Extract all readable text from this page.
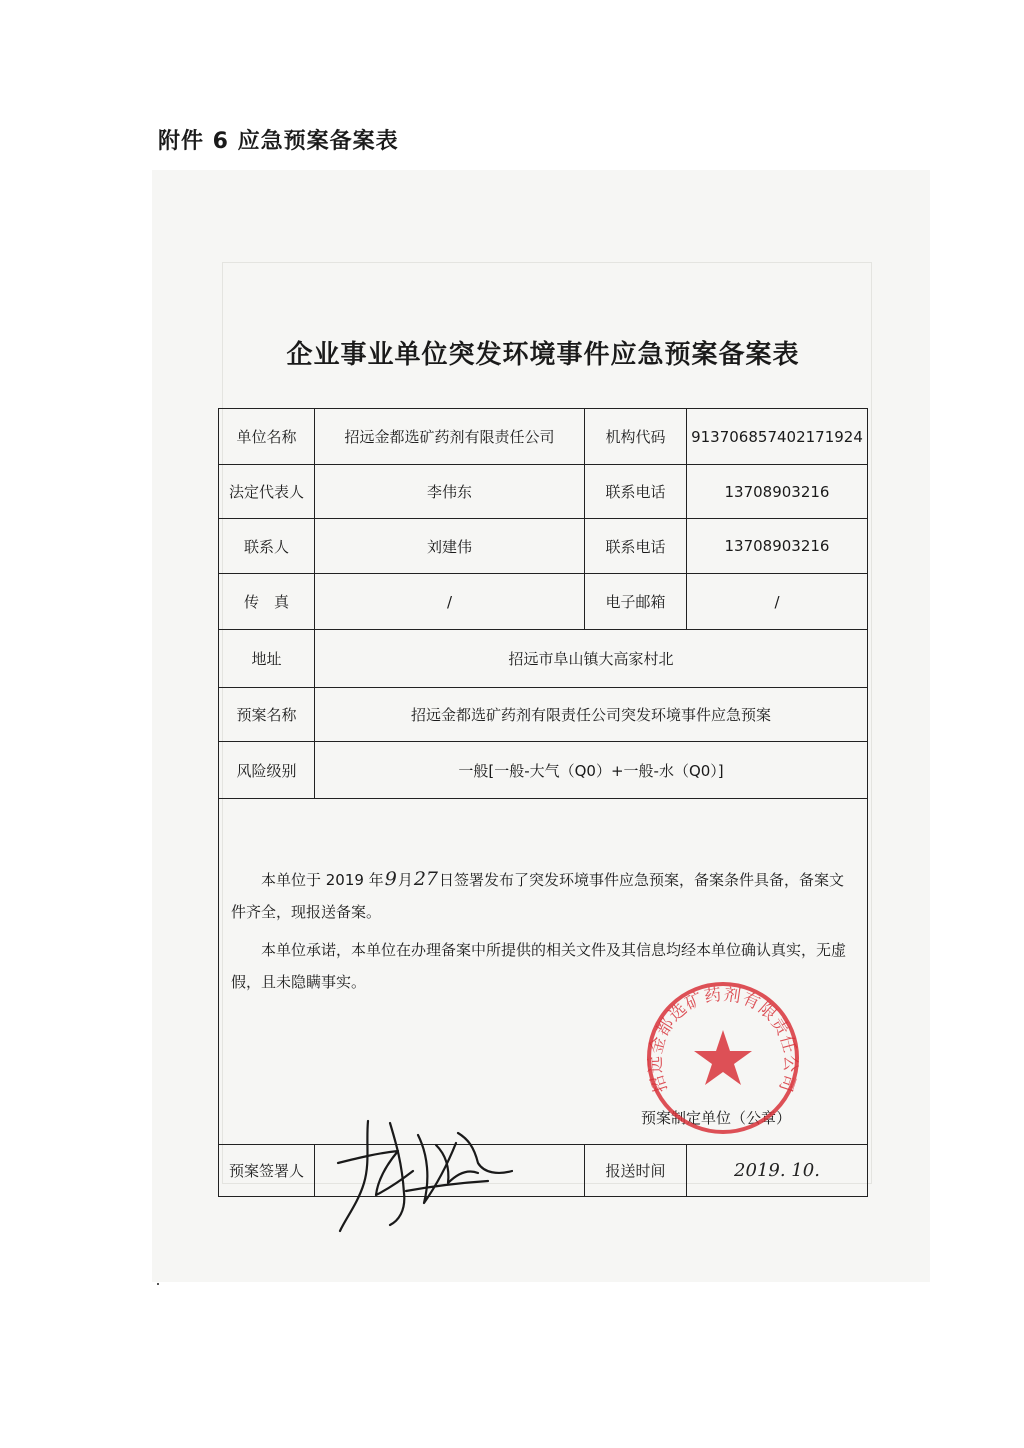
附件 6 应急预案备案表
企业事业单位突发环境事件应急预案备案表
单位名称	招远金都选矿药剂有限责任公司	机构代码	913706857402171924
法定代表人	李伟东	联系电话	13708903216
联系人	刘建伟	联系电话	13708903216
传　真	/	电子邮箱	/
地址	招远市阜山镇大高家村北		
预案名称	招远金都选矿药剂有限责任公司突发环境事件应急预案		
风险级别	一般[一般-大气（Q0）+一般-水（Q0）]		

本单位于 2019 年9月27日签署发布了突发环境事件应急预案，备案条件具备，备案文件齐全，现报送备案。

本单位承诺，本单位在办理备案中所提供的相关文件及其信息均经本单位确认真实，无虚假，且未隐瞒事实。

预案制定单位（公章）			

预案签署人		报送时间	2019. 10.
招远金都选矿药剂有限责任公司
